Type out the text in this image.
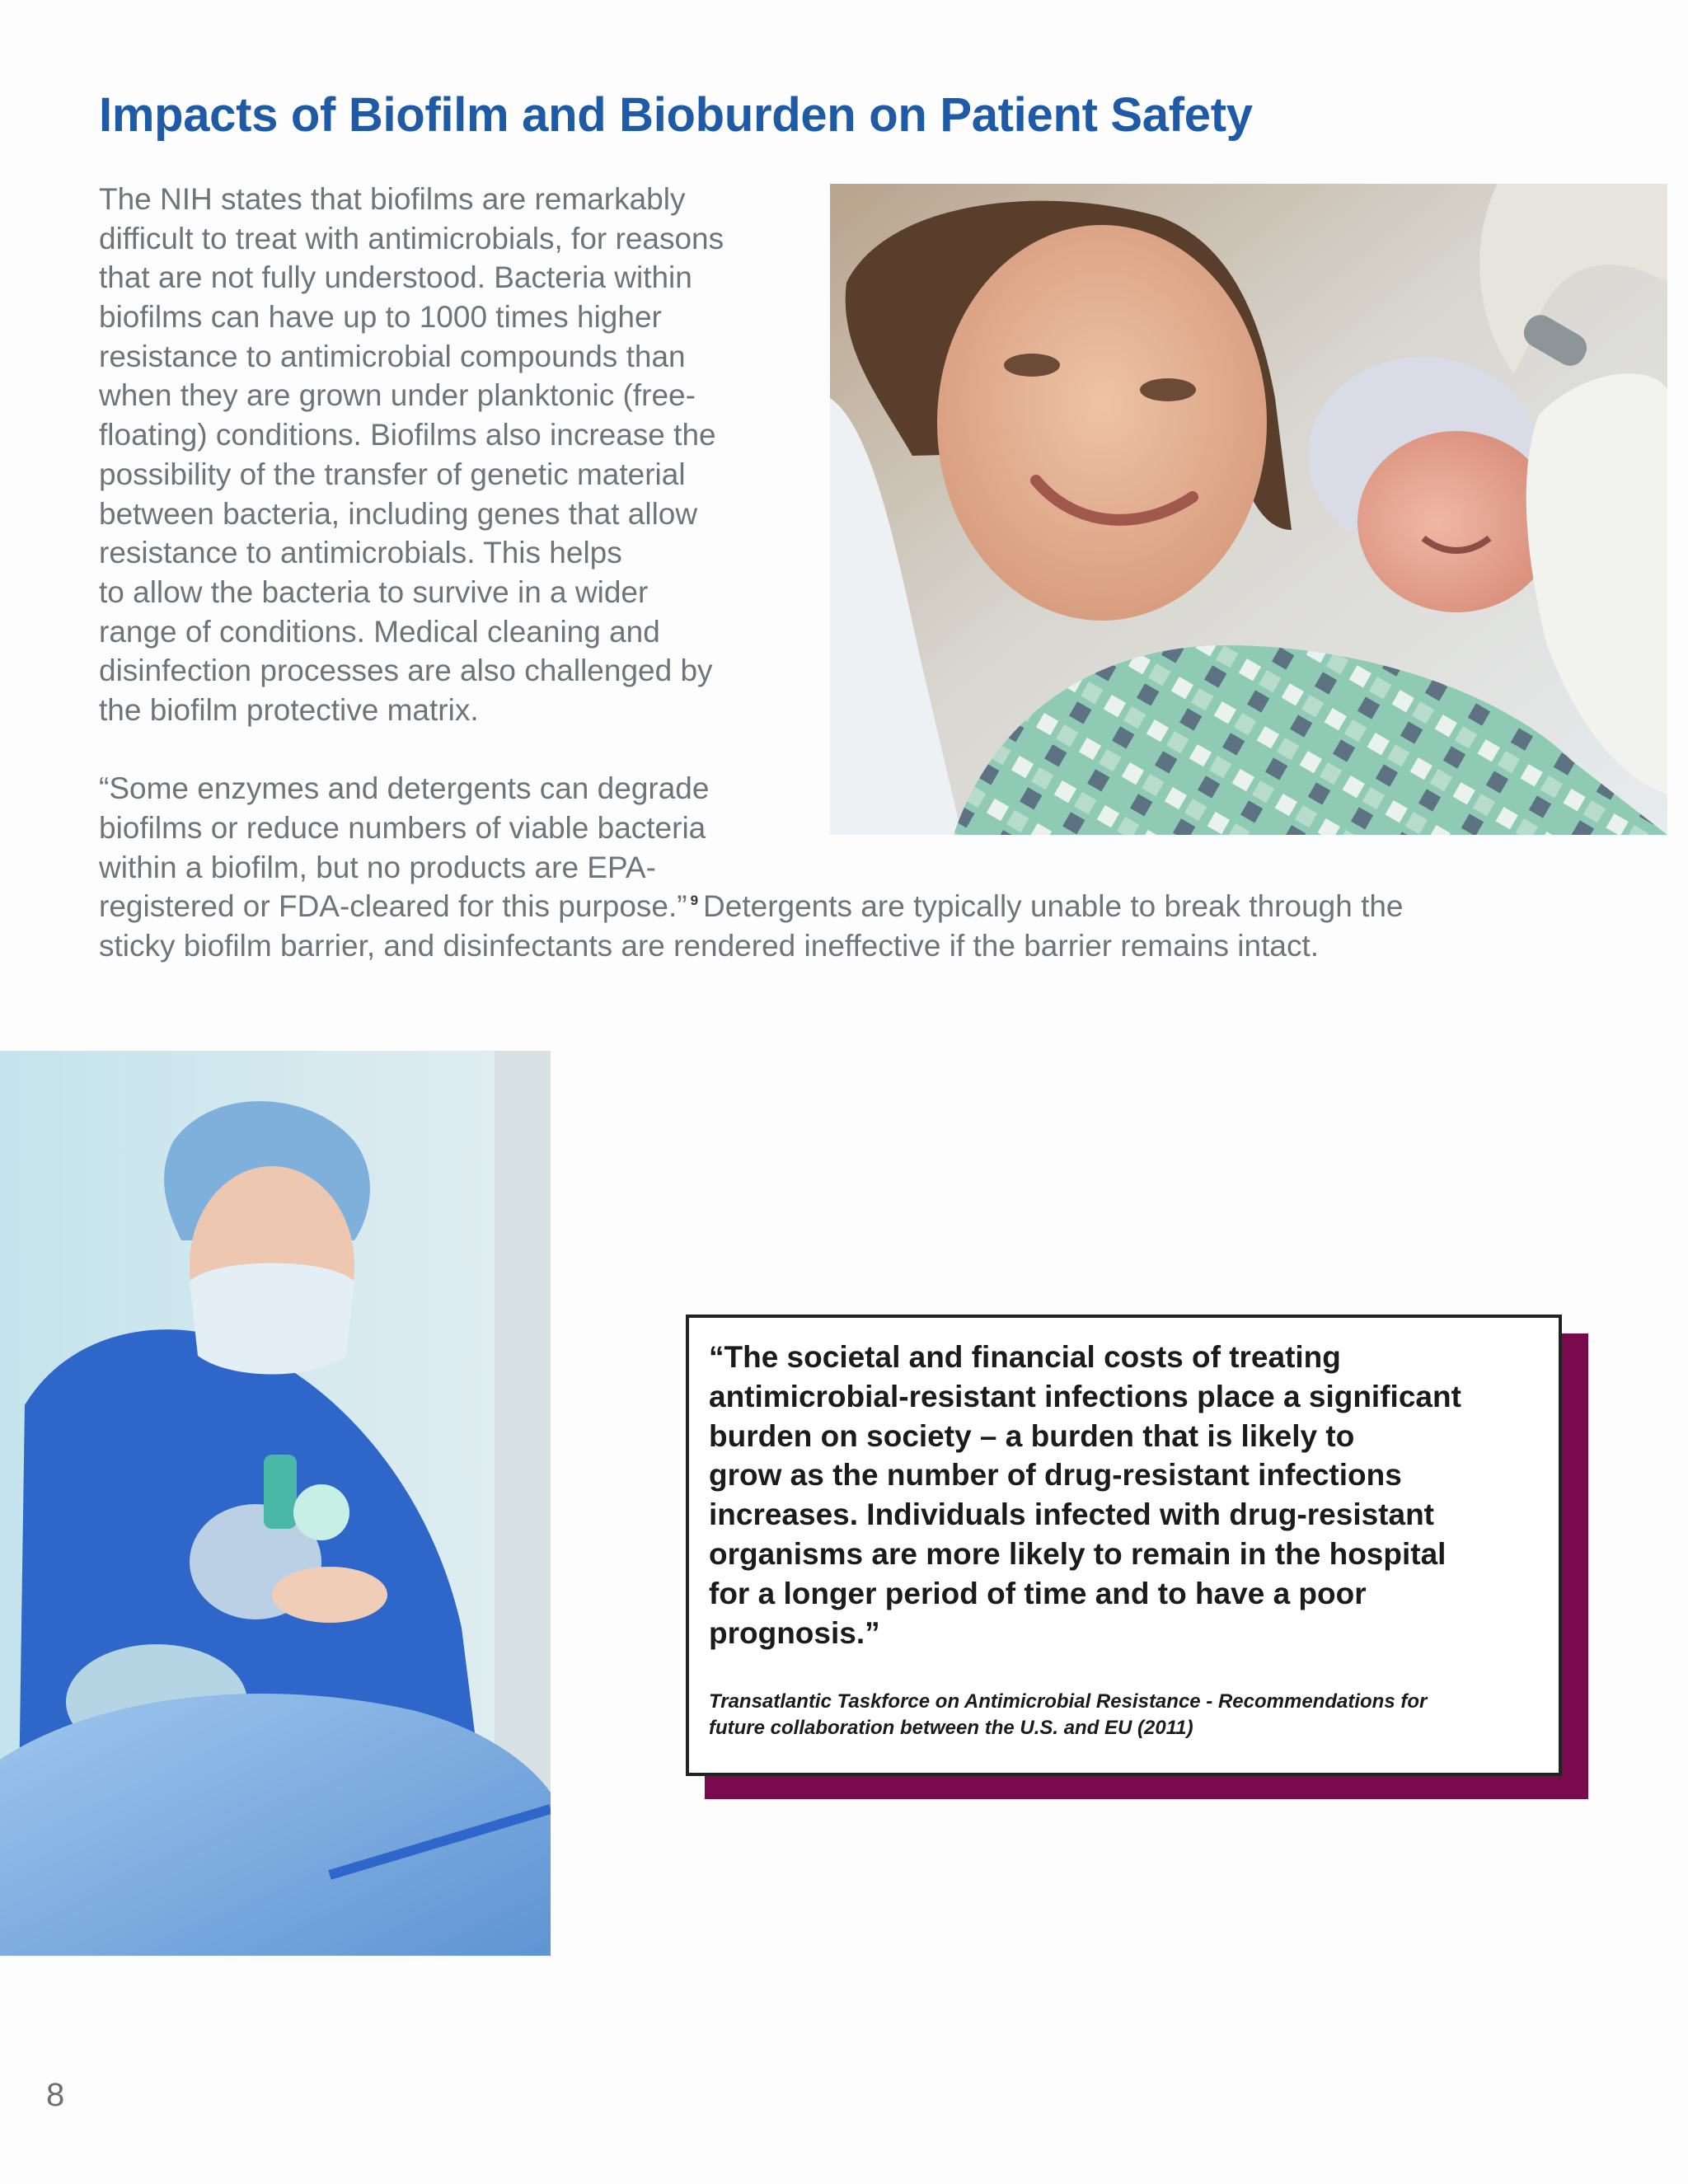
Impacts of Biofilm and Bioburden on Patient Safety
The NIH states that biofilms are remarkably
difficult to treat with antimicrobials, for reasons
that are not fully understood. Bacteria within
biofilms can have up to 1000 times higher
resistance to antimicrobial compounds than
when they are grown under planktonic (free-
floating) conditions. Biofilms also increase the
possibility of the transfer of genetic material
between bacteria, including genes that allow
resistance to antimicrobials. This helps
to allow the bacteria to survive in a wider
range of conditions. Medical cleaning and
disinfection processes are also challenged by
the biofilm protective matrix.
“Some enzymes and detergents can degrade
biofilms or reduce numbers of viable bacteria
within a biofilm, but no products are EPA-
registered or FDA-cleared for this purpose.” $^9$ Detergents are typically unable to break through the
sticky biofilm barrier, and disinfectants are rendered ineffective if the barrier remains intact.
“The societal and financial costs of treating
antimicrobial-resistant infections place a significant
burden on society – a burden that is likely to
grow as the number of drug-resistant infections
increases. Individuals infected with drug-resistant
organisms are more likely to remain in the hospital
for a longer period of time and to have a poor
prognosis.”
Transatlantic Taskforce on Antimicrobial Resistance - Recommendations for
future collaboration between the U.S. and EU (2011)
8
